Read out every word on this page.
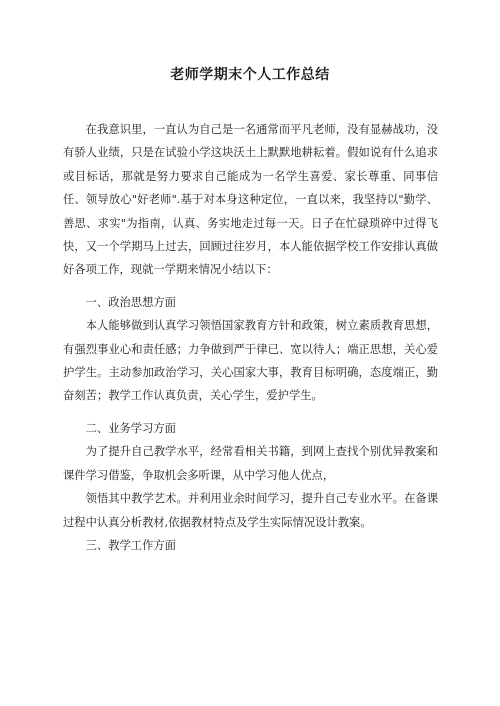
老师学期末个人工作总结

在我意识里，一直认为自己是一名通常而平凡老师，没有显赫战功，没有骄人业绩，只是在试验小学这块沃土上默默地耕耘着。假如说有什么追求或目标话，那就是努力要求自己能成为一名学生喜爱、家长尊重、同事信任、领导放心"好老师".基于对本身这种定位，一直以来，我坚持以"勤学、善思、求实"为指南，认真、务实地走过每一天。日子在忙碌琐碎中过得飞快，又一个学期马上过去，回顾过往岁月，本人能依据学校工作安排认真做好各项工作，现就一学期来情况小结以下：

一、政治思想方面

本人能够做到认真学习领悟国家教育方针和政策，树立素质教育思想，有强烈事业心和责任感；力争做到严于律已、宽以待人；端正思想，关心爱护学生。主动参加政治学习，关心国家大事，教育目标明确，态度端正，勤奋刻苦；教学工作认真负责，关心学生，爱护学生。

二、业务学习方面

为了提升自己教学水平，经常看相关书籍，到网上查找个别优异教案和课件学习借鉴，争取机会多听课，从中学习他人优点，

领悟其中教学艺术。并利用业余时间学习，提升自己专业水平。在备课过程中认真分析教材,依据教材特点及学生实际情况设计教案。

三、教学工作方面
